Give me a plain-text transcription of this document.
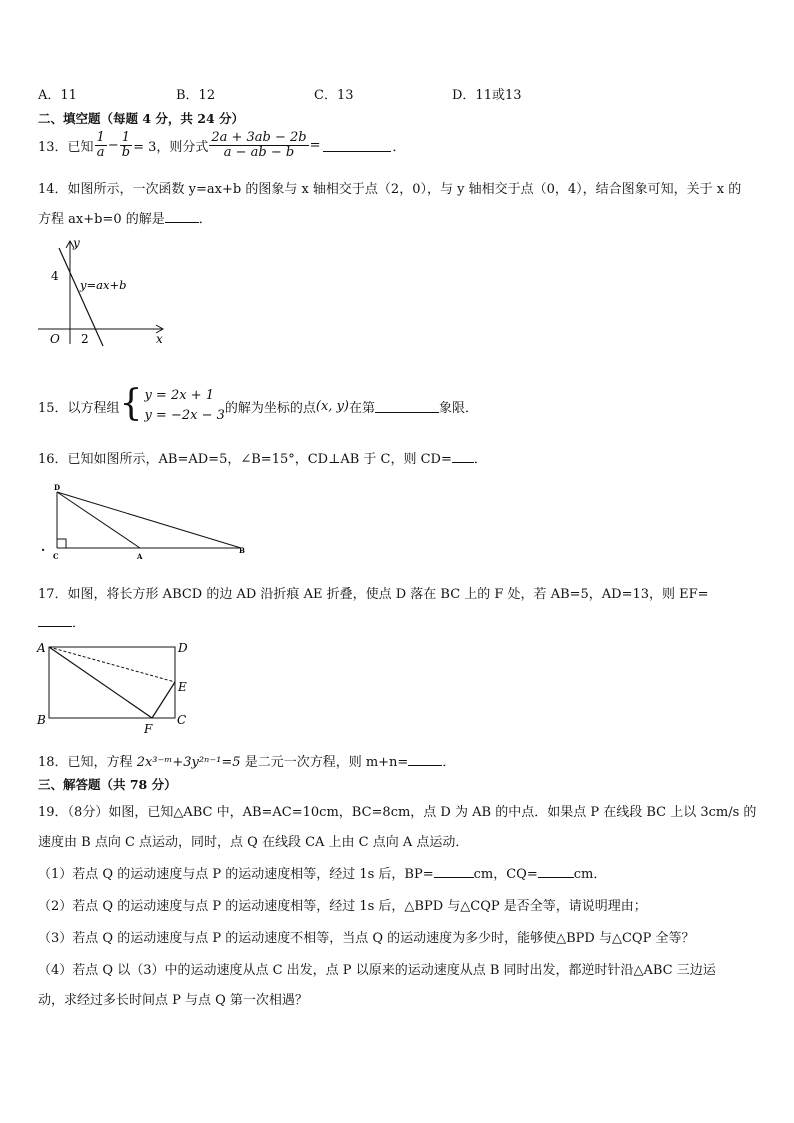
A．11	B．12	C．13	D．11或13
二、填空题（每题 4 分，共 24 分）
13．已知 $\frac{1}{a} - \frac{1}{b} = 3$，则分式 $\frac{2a + 3ab - 2b}{a - ab - b}$ =	．
14．如图所示，一次函数 y=ax+b 的图象与 x 轴相交于点（2，0），与 y 轴相交于点（0，4），结合图象可知，关于 x 的
方程 ax+b=0 的解是	．
y
x
O
4
2
y=ax+b
15．以方程组 { y = 2x + 1
y = −2x − 3 的解为坐标的点 (x, y) 在第	象限．
16．已知如图所示，AB=AD=5，∠B=15°，CD⊥AB 于 C，则 CD= ．
D
C	A
B
.
17．如图，将长方形 ABCD 的边 AD 沿折痕 AE 折叠，使点 D 落在 BC 上的 F 处，若 AB=5，AD=13，则 EF=
．
A	D
E
B	C
F
18．已知，方程 2x³⁻ᵐ+3y²ⁿ⁻¹=5 是二元一次方程，则 m+n=	．
三、解答题（共 78 分）
19．（8分）如图，已知△ABC 中，AB=AC=10cm，BC=8cm，点 D 为 AB 的中点．如果点 P 在线段 BC 上以 3cm/s 的
速度由 B 点向 C 点运动，同时，点 Q 在线段 CA 上由 C 点向 A 点运动．
（1）若点 Q 的运动速度与点 P 的运动速度相等，经过 1s 后，BP=	cm，CQ=	cm．
（2）若点 Q 的运动速度与点 P 的运动速度相等，经过 1s 后，△BPD 与△CQP 是否全等，请说明理由；
（3）若点 Q 的运动速度与点 P 的运动速度不相等，当点 Q 的运动速度为多少时，能够使△BPD 与△CQP 全等？
（4）若点 Q 以（3）中的运动速度从点 C 出发，点 P 以原来的运动速度从点 B 同时出发，都逆时针沿△ABC 三边运
动，求经过多长时间点 P 与点 Q 第一次相遇？
